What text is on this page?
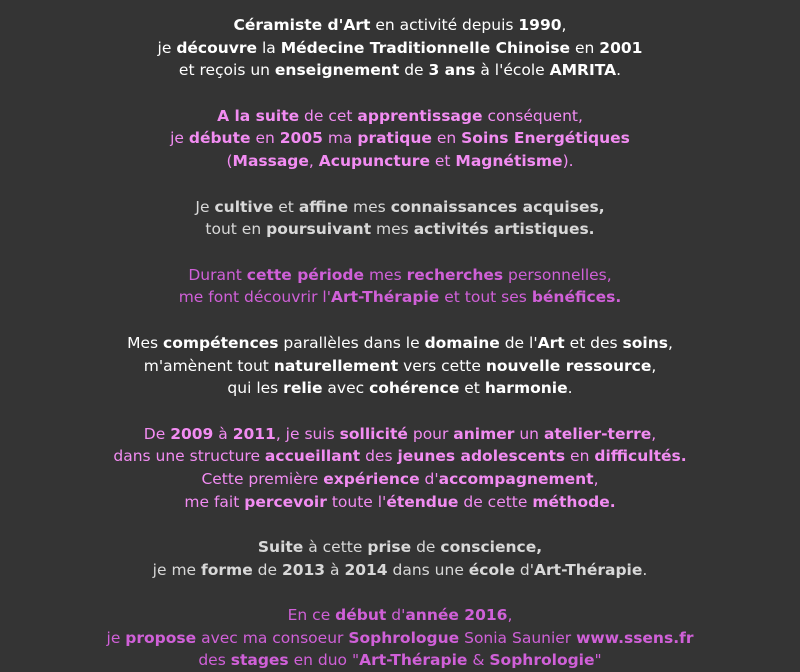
Céramiste d'Art en activité depuis 1990,
je découvre la Médecine Traditionnelle Chinoise en 2001
et reçois un enseignement de 3 ans à l'école AMRITA.

A la suite de cet apprentissage conséquent,
je débute en 2005 ma pratique en Soins Energétiques
(Massage, Acupuncture et Magnétisme).

Je cultive et affine mes connaissances acquises,
tout en poursuivant mes activités artistiques.

Durant cette période mes recherches personnelles,
me font découvrir l'Art-Thérapie et tout ses bénéfices.

Mes compétences parallèles dans le domaine de l'Art et des soins,
m'amènent tout naturellement vers cette nouvelle ressource,
qui les relie avec cohérence et harmonie.

De 2009 à 2011, je suis sollicité pour animer un atelier-terre,
dans une structure accueillant des jeunes adolescents en difficultés.
Cette première expérience d'accompagnement,
me fait percevoir toute l'étendue de cette méthode.

Suite à cette prise de conscience,
je me forme de 2013 à 2014 dans une école d'Art-Thérapie.

En ce début d'année 2016,
je propose avec ma consoeur Sophrologue Sonia Saunier www.ssens.fr
des stages en duo "Art-Thérapie & Sophrologie"
